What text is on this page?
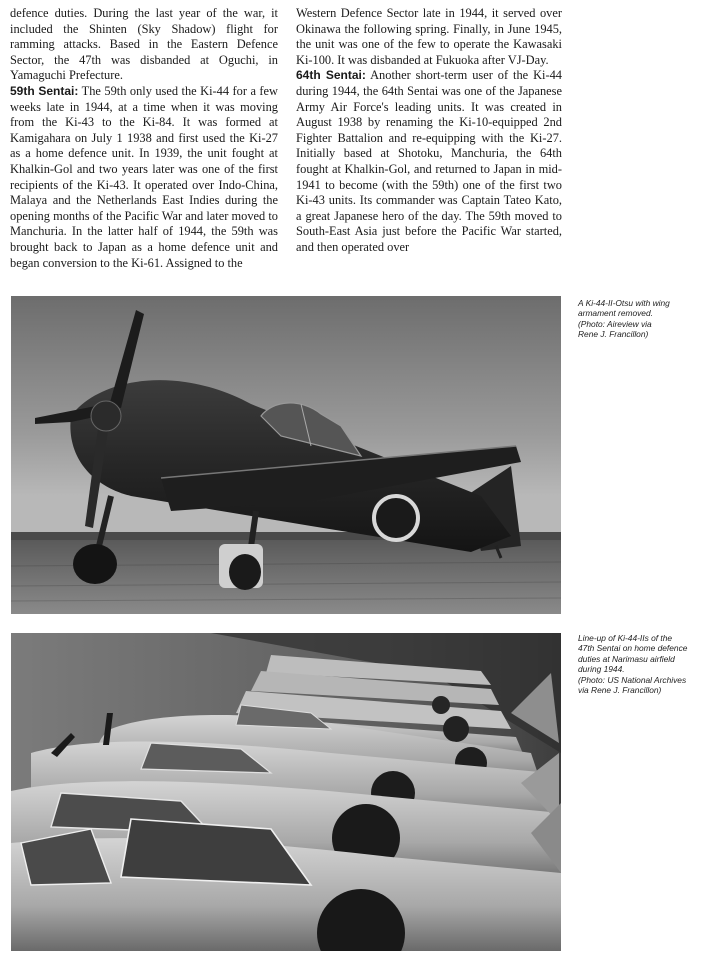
defence duties. During the last year of the war, it included the Shinten (Sky Shadow) flight for ramming attacks. Based in the Eastern Defence Sector, the 47th was disbanded at Oguchi, in Yamaguchi Prefecture.

59th Sentai: The 59th only used the Ki-44 for a few weeks late in 1944, at a time when it was moving from the Ki-43 to the Ki-84. It was formed at Kamigahara on July 1 1938 and first used the Ki-27 as a home defence unit. In 1939, the unit fought at Khalkin-Gol and two years later was one of the first recipients of the Ki-43. It operated over Indo-China, Malaya and the Netherlands East Indies during the opening months of the Pacific War and later moved to Manchuria. In the latter half of 1944, the 59th was brought back to Japan as a home defence unit and began conversion to the Ki-61. Assigned to the

Western Defence Sector late in 1944, it served over Okinawa the following spring. Finally, in June 1945, the unit was one of the few to operate the Kawasaki Ki-100. It was disbanded at Fukuoka after VJ-Day.

64th Sentai: Another short-term user of the Ki-44 during 1944, the 64th Sentai was one of the Japanese Army Air Force's leading units. It was created in August 1938 by renaming the Ki-10-equipped 2nd Fighter Battalion and re-equipping with the Ki-27. Initially based at Shotoku, Manchuria, the 64th fought at Khalkin-Gol, and returned to Japan in mid-1941 to become (with the 59th) one of the first two Ki-43 units. Its commander was Captain Tateo Kato, a great Japanese hero of the day. The 59th moved to South-East Asia just before the Pacific War started, and then operated over

A Ki-44-II-Otsu with wing
armament removed.
(Photo: Aireview via
Rene J. Francillon)
Line-up of Ki-44-IIs of the
47th Sentai on home defence
duties at Narimasu airfield
during 1944.
(Photo: US National Archives
via Rene J. Francillon)
